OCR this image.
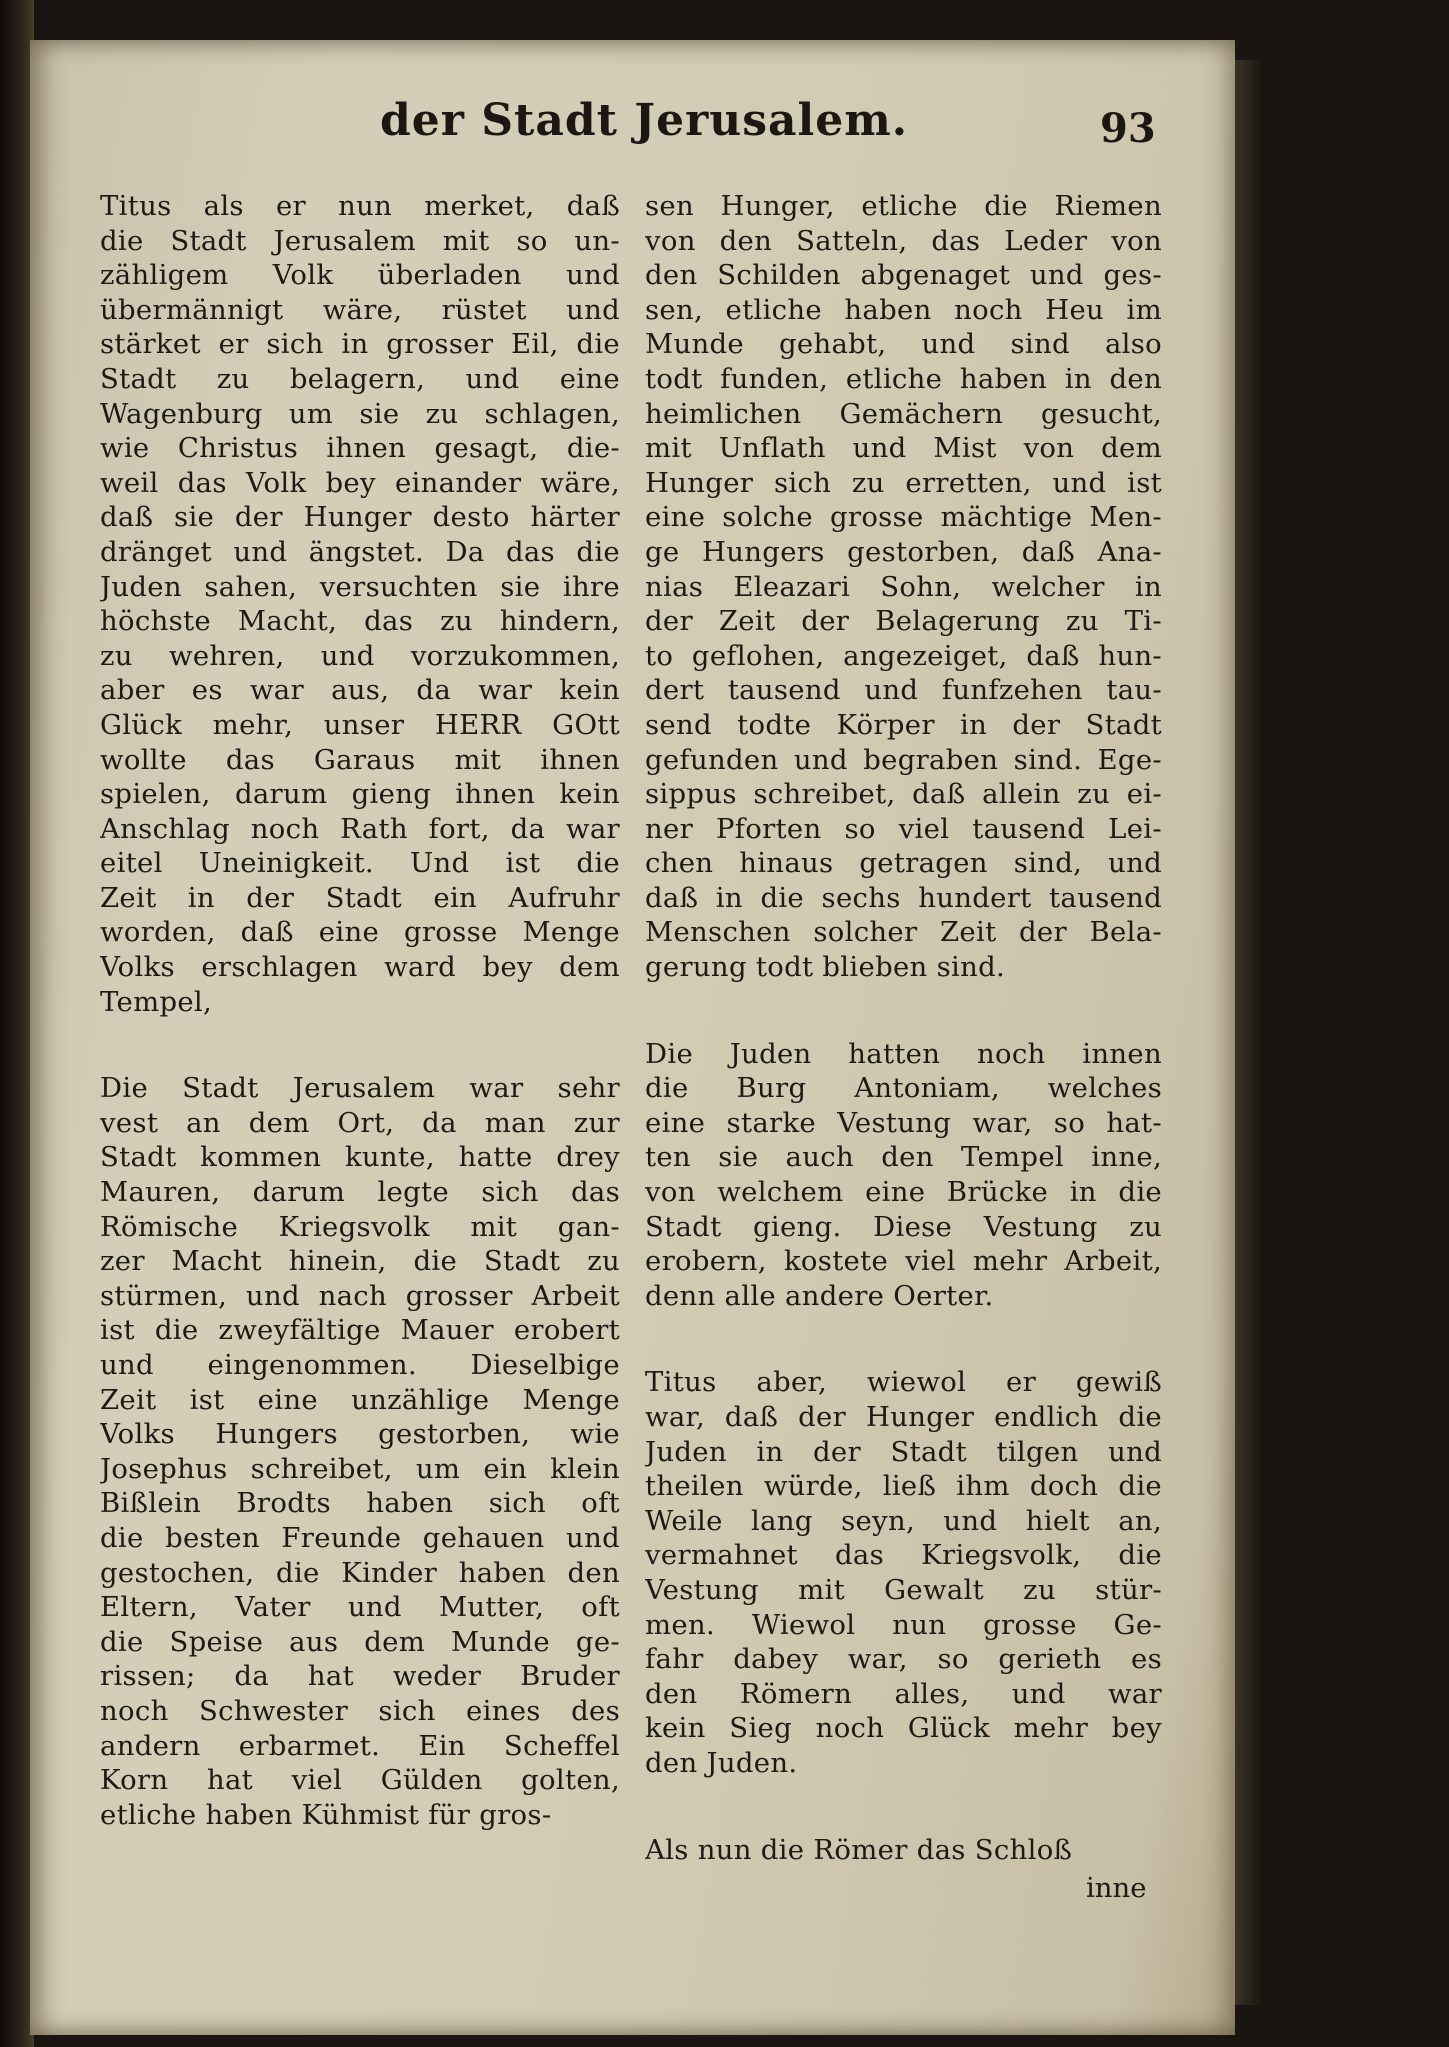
der Stadt Jerusalem.	93
Titus als er nun merket, daß
die Stadt Jerusalem mit so un-
zähligem Volk überladen und
übermännigt wäre, rüstet und
stärket er sich in grosser Eil, die
Stadt zu belagern, und eine
Wagenburg um sie zu schlagen,
wie Christus ihnen gesagt, die-
weil das Volk bey einander wäre,
daß sie der Hunger desto härter
dränget und ängstet. Da das die
Juden sahen, versuchten sie ihre
höchste Macht, das zu hindern,
zu wehren, und vorzukommen,
aber es war aus, da war kein
Glück mehr, unser HERR GOtt
wollte das Garaus mit ihnen
spielen, darum gieng ihnen kein
Anschlag noch Rath fort, da war
eitel Uneinigkeit. Und ist die
Zeit in der Stadt ein Aufruhr
worden, daß eine grosse Menge
Volks erschlagen ward bey dem
Tempel,
Die Stadt Jerusalem war sehr
vest an dem Ort, da man zur
Stadt kommen kunte, hatte drey
Mauren, darum legte sich das
Römische Kriegsvolk mit gan-
zer Macht hinein, die Stadt zu
stürmen, und nach grosser Arbeit
ist die zweyfältige Mauer erobert
und eingenommen. Dieselbige
Zeit ist eine unzählige Menge
Volks Hungers gestorben, wie
Josephus schreibet, um ein klein
Bißlein Brodts haben sich oft
die besten Freunde gehauen und
gestochen, die Kinder haben den
Eltern, Vater und Mutter, oft
die Speise aus dem Munde ge-
rissen; da hat weder Bruder
noch Schwester sich eines des
andern erbarmet. Ein Scheffel
Korn hat viel Gülden golten,
etliche haben Kühmist für gros-
sen Hunger, etliche die Riemen
von den Satteln, das Leder von
den Schilden abgenaget und ges-
sen, etliche haben noch Heu im
Munde gehabt, und sind also
todt funden, etliche haben in den
heimlichen Gemächern gesucht,
mit Unflath und Mist von dem
Hunger sich zu erretten, und ist
eine solche grosse mächtige Men-
ge Hungers gestorben, daß Ana-
nias Eleazari Sohn, welcher in
der Zeit der Belagerung zu Ti-
to geflohen, angezeiget, daß hun-
dert tausend und funfzehen tau-
send todte Körper in der Stadt
gefunden und begraben sind. Ege-
sippus schreibet, daß allein zu ei-
ner Pforten so viel tausend Lei-
chen hinaus getragen sind, und
daß in die sechs hundert tausend
Menschen solcher Zeit der Bela-
gerung todt blieben sind.
Die Juden hatten noch innen
die Burg Antoniam, welches
eine starke Vestung war, so hat-
ten sie auch den Tempel inne,
von welchem eine Brücke in die
Stadt gieng. Diese Vestung zu
erobern, kostete viel mehr Arbeit,
denn alle andere Oerter.
Titus aber, wiewol er gewiß
war, daß der Hunger endlich die
Juden in der Stadt tilgen und
theilen würde, ließ ihm doch die
Weile lang seyn, und hielt an,
vermahnet das Kriegsvolk, die
Vestung mit Gewalt zu stür-
men. Wiewol nun grosse Ge-
fahr dabey war, so gerieth es
den Römern alles, und war
kein Sieg noch Glück mehr bey
den Juden.
Als nun die Römer das Schloß
inne
